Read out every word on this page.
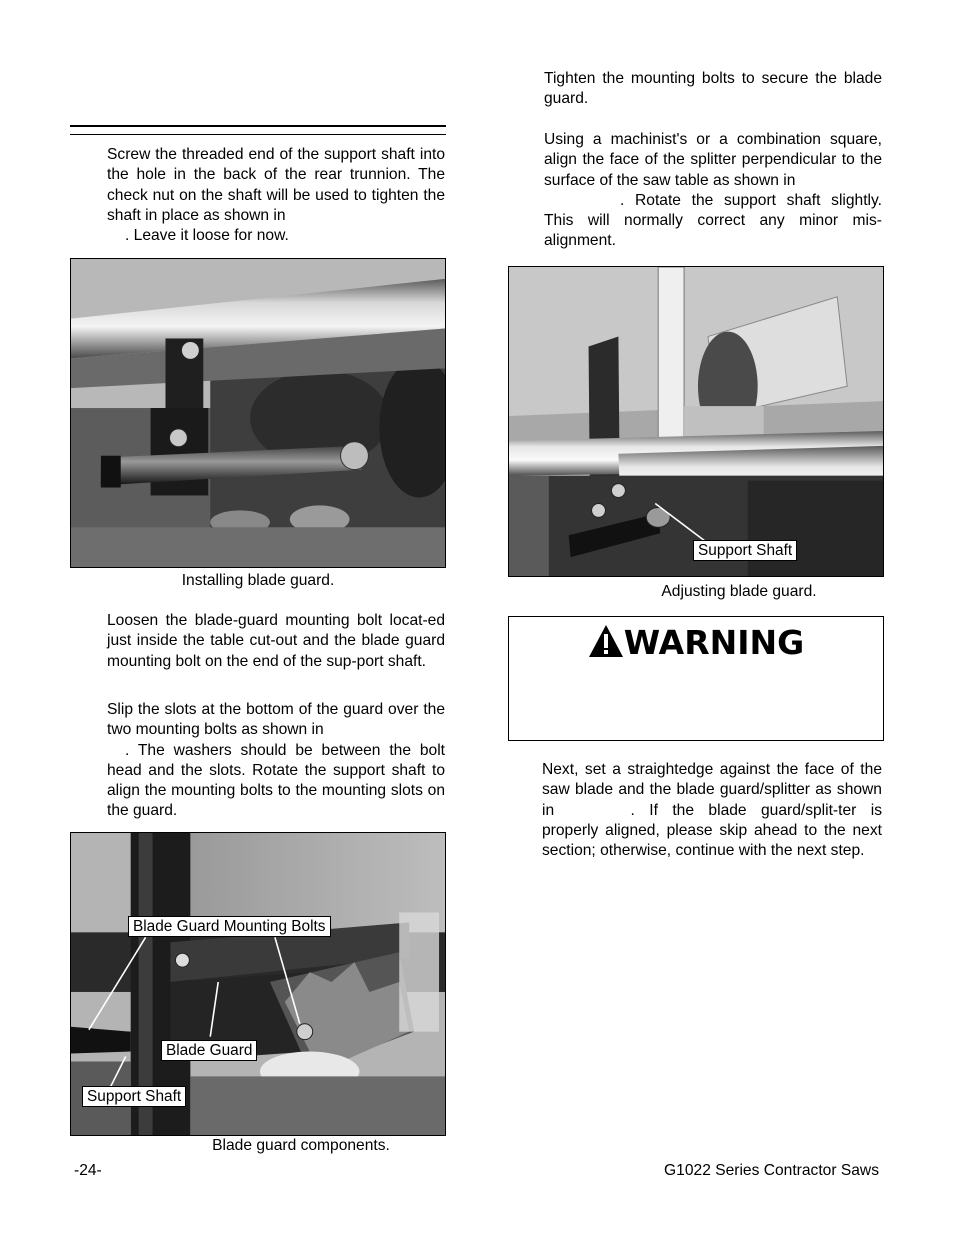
Screw the threaded end of the support shaft into the hole in the back of the rear trunnion. The check nut on the shaft will be used to tighten the shaft in place as shown in
. Leave it loose for now.

Installing blade guard.

Loosen the blade-guard mounting bolt locat-ed just inside the table cut-out and the blade guard mounting bolt on the end of the sup-port shaft.

Slip the slots at the bottom of the guard over the two mounting bolts as shown in
. The washers should be between the bolt head and the slots. Rotate the support shaft to align the mounting bolts to the mounting slots on the guard.

Blade Guard Mounting Bolts
Blade Guard
Support Shaft
Blade guard components.

Tighten the mounting bolts to secure the blade guard.

Using a machinist's or a combination square, align the face of the splitter perpendicular to the surface of the saw table as shown in
. Rotate the support shaft slightly. This will normally correct any minor mis-alignment.

Support Shaft
Adjusting blade guard.
WARNING

Next, set a straightedge against the face of the saw blade and the blade guard/splitter as shown in	. If the blade guard/split-ter is properly aligned, please skip ahead to the next section; otherwise, continue with the next step.

-24-	G1022 Series Contractor Saws
